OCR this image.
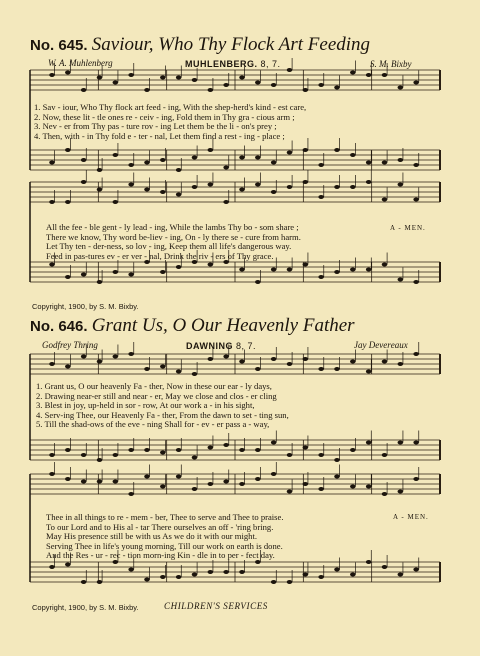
No. 645. Saviour, Who Thy Flock Art Feeding
W. A. Muhlenberg	MUHLENBERG. 8, 7.	S. M. Bixby
1. Sav - iour, Who Thy flock art feed - ing, With the shep-herd's kind - est care,
2. Now, these lit - tle ones re - ceiv - ing, Fold them in Thy gra - cious arm ;
3. Nev - er from Thy pas - ture rov - ing Let them be the li - on's prey ;
4. Then, with - in Thy fold e - ter - nal, Let them find a rest - ing - place ;
All the fee - ble gent - ly lead - ing, While the lambs Thy bo - som share ;
There we know, Thy word be-liev - ing, On - ly there se - cure from harm.
Let Thy ten - der-ness, so lov - ing, Keep them all life's dangerous way.
Feed in pas-tures ev - er ver - nal, Drink the riv - ers of Thy grace.
A - MEN.
Copyright, 1900, by S. M. Bixby.
No. 646. Grant Us, O Our Heavenly Father
Godfrey Thring	DAWNING 8, 7.	Jay Deverеaux
1. Grant us, O our heavenly Fa - ther, Now in these our ear - ly days,
2. Drawing near-er still and near - er, May we close and clos - er cling
3. Blest in joy, up-held in sor - row, At our work a - in his sight,
4. Serv-ing Thee, our Heavenly Fa - ther, From the dawn to set - ting sun,
5. Till the shad-ows of the eve - ning Shall for - ev - er pass a - way,
Thee in all things to re - mem - ber, Thee to serve and Thee to praise.
To our Lord and to His al - tar There ourselves an off - 'ring bring.
May His presence still be with us As we do it with our might.
Serving Thee in life's young morning, Till our work on earth is done.
And the Res - ur - rec - tion morn-ing Kin - dle in to per - fect day.
A - MEN.
Copyright, 1900, by S. M. Bixby.	CHILDREN'S SERVICES
